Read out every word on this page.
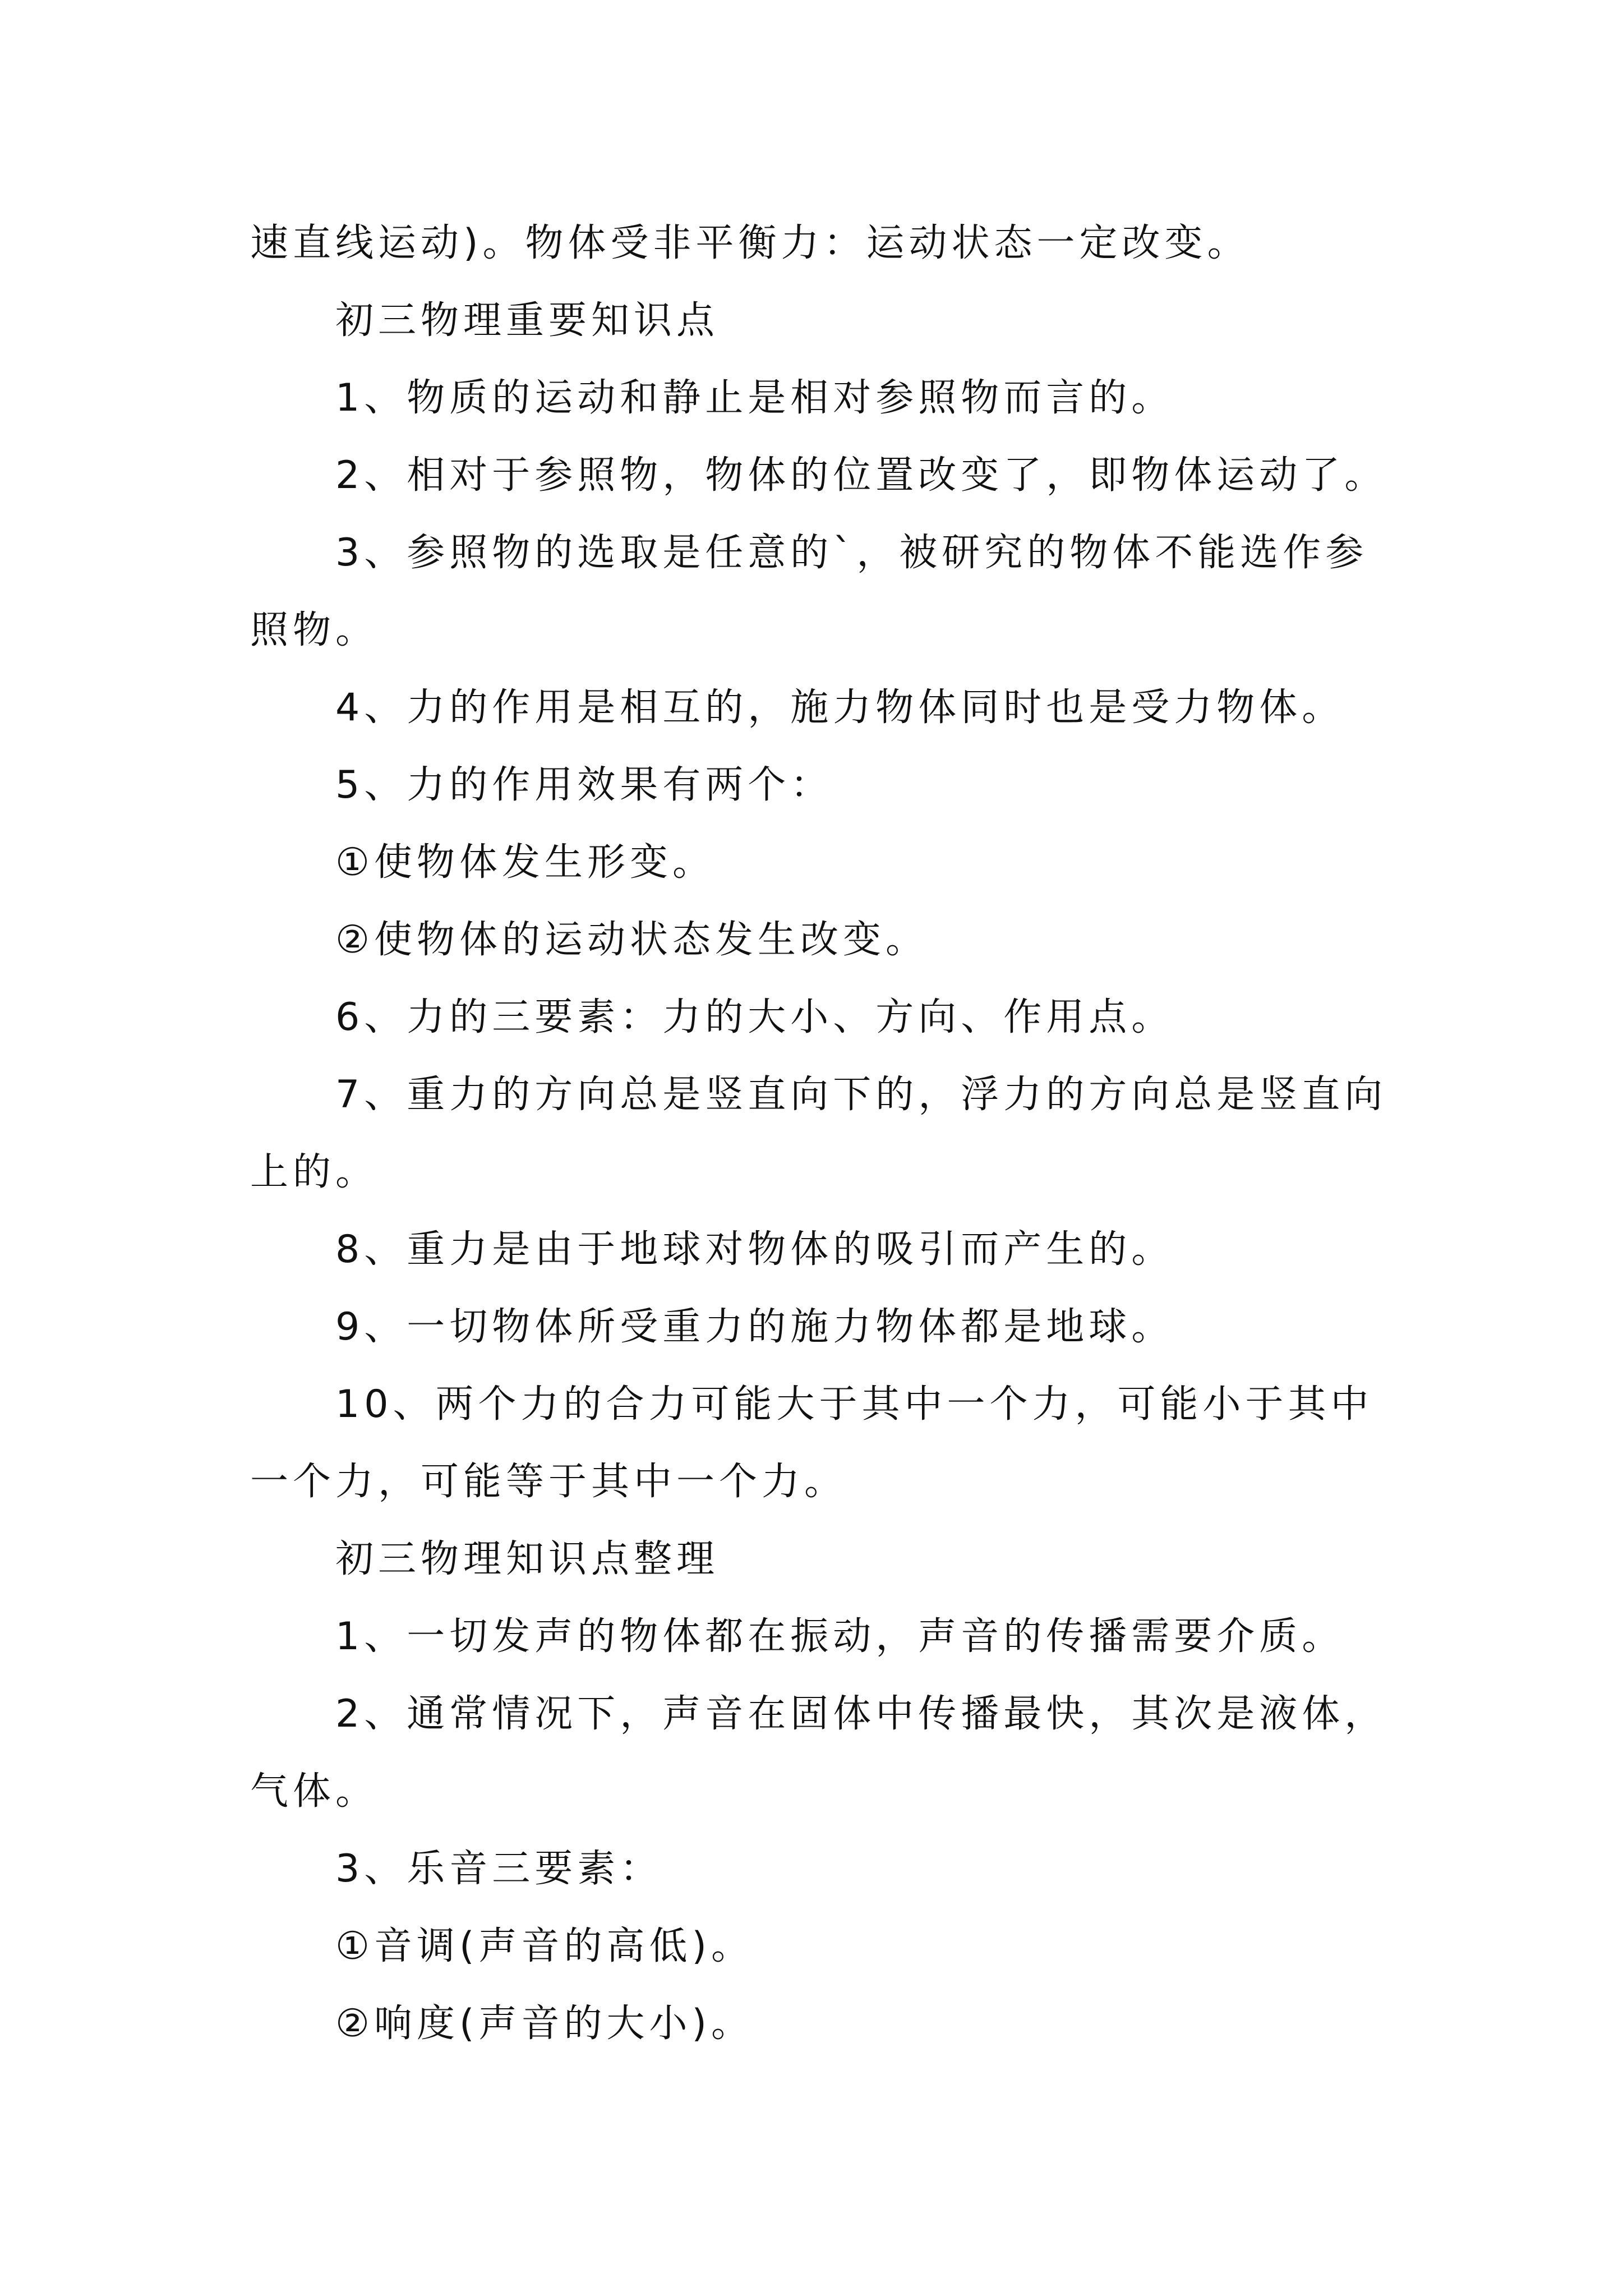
速直线运动)。物体受非平衡力：运动状态一定改变。

初三物理重要知识点

1、物质的运动和静止是相对参照物而言的。

2、相对于参照物，物体的位置改变了，即物体运动了。

3、参照物的选取是任意的`，被研究的物体不能选作参照物。

4、力的作用是相互的，施力物体同时也是受力物体。

5、力的作用效果有两个：

①使物体发生形变。

②使物体的运动状态发生改变。

6、力的三要素：力的大小、方向、作用点。

7、重力的方向总是竖直向下的，浮力的方向总是竖直向上的。

8、重力是由于地球对物体的吸引而产生的。

9、一切物体所受重力的施力物体都是地球。

10、两个力的合力可能大于其中一个力，可能小于其中一个力，可能等于其中一个力。

初三物理知识点整理

1、一切发声的物体都在振动，声音的传播需要介质。

2、通常情况下，声音在固体中传播最快，其次是液体，气体。

3、乐音三要素：

①音调(声音的高低)。

②响度(声音的大小)。
